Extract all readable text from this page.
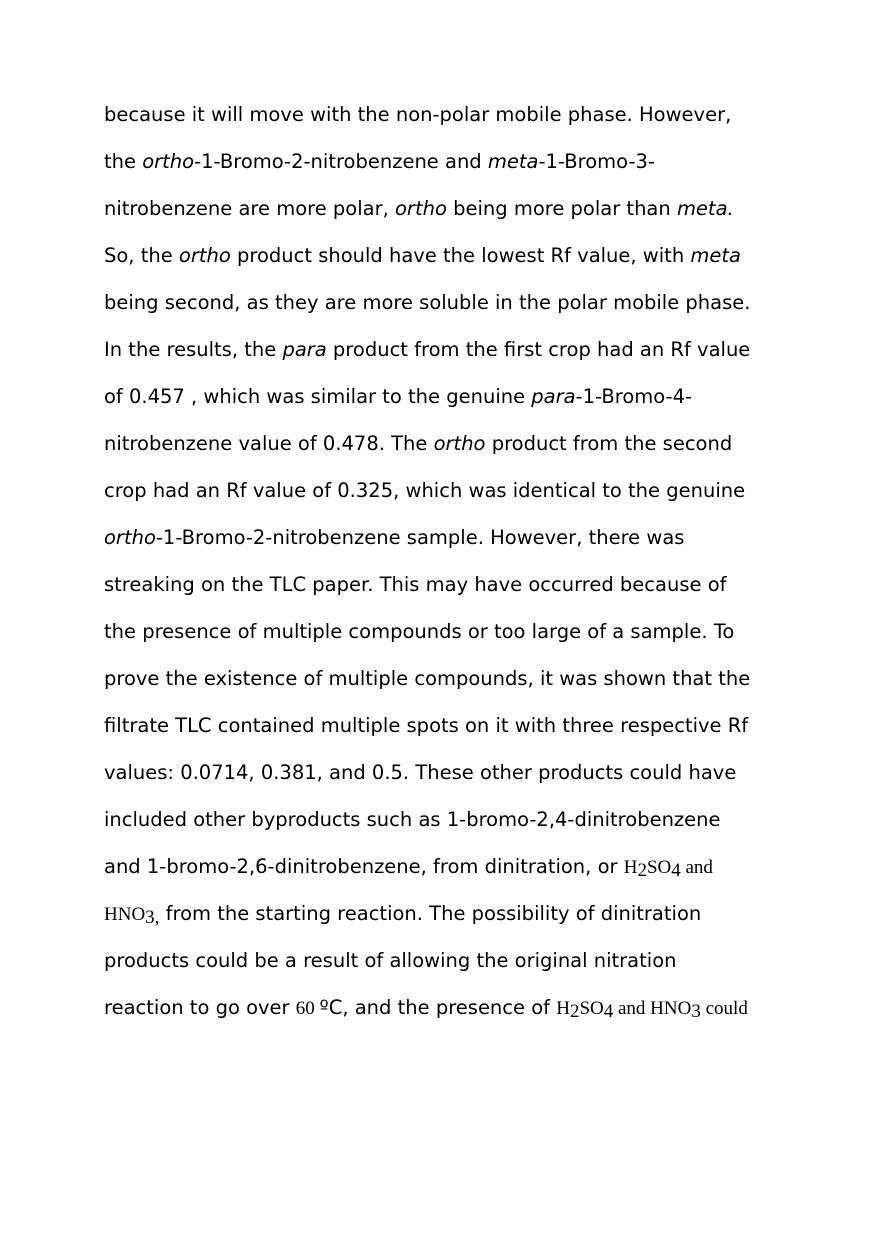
because it will move with the non-polar mobile phase. However,
the ortho-1-Bromo-2-nitrobenzene and meta-1-Bromo-3-
nitrobenzene are more polar, ortho being more polar than meta.
So, the ortho product should have the lowest Rf value, with meta
being second, as they are more soluble in the polar mobile phase.
In the results, the para product from the first crop had an Rf value
of 0.457 , which was similar to the genuine para-1-Bromo-4-
nitrobenzene value of 0.478. The ortho product from the second
crop had an Rf value of 0.325, which was identical to the genuine
ortho-1-Bromo-2-nitrobenzene sample. However, there was
streaking on the TLC paper. This may have occurred because of
the presence of multiple compounds or too large of a sample. To
prove the existence of multiple compounds, it was shown that the
filtrate TLC contained multiple spots on it with three respective Rf
values: 0.0714, 0.381, and 0.5. These other products could have
included other byproducts such as 1-bromo-2,4-dinitrobenzene
and 1-bromo-2,6-dinitrobenzene, from dinitration, or $H_2SO_4$ and
$HNO_{3,}$ from the starting reaction. The possibility of dinitration
products could be a result of allowing the original nitration
reaction to go over 60 ºC, and the presence of $H_2SO_4$ and $HNO_3$ could
